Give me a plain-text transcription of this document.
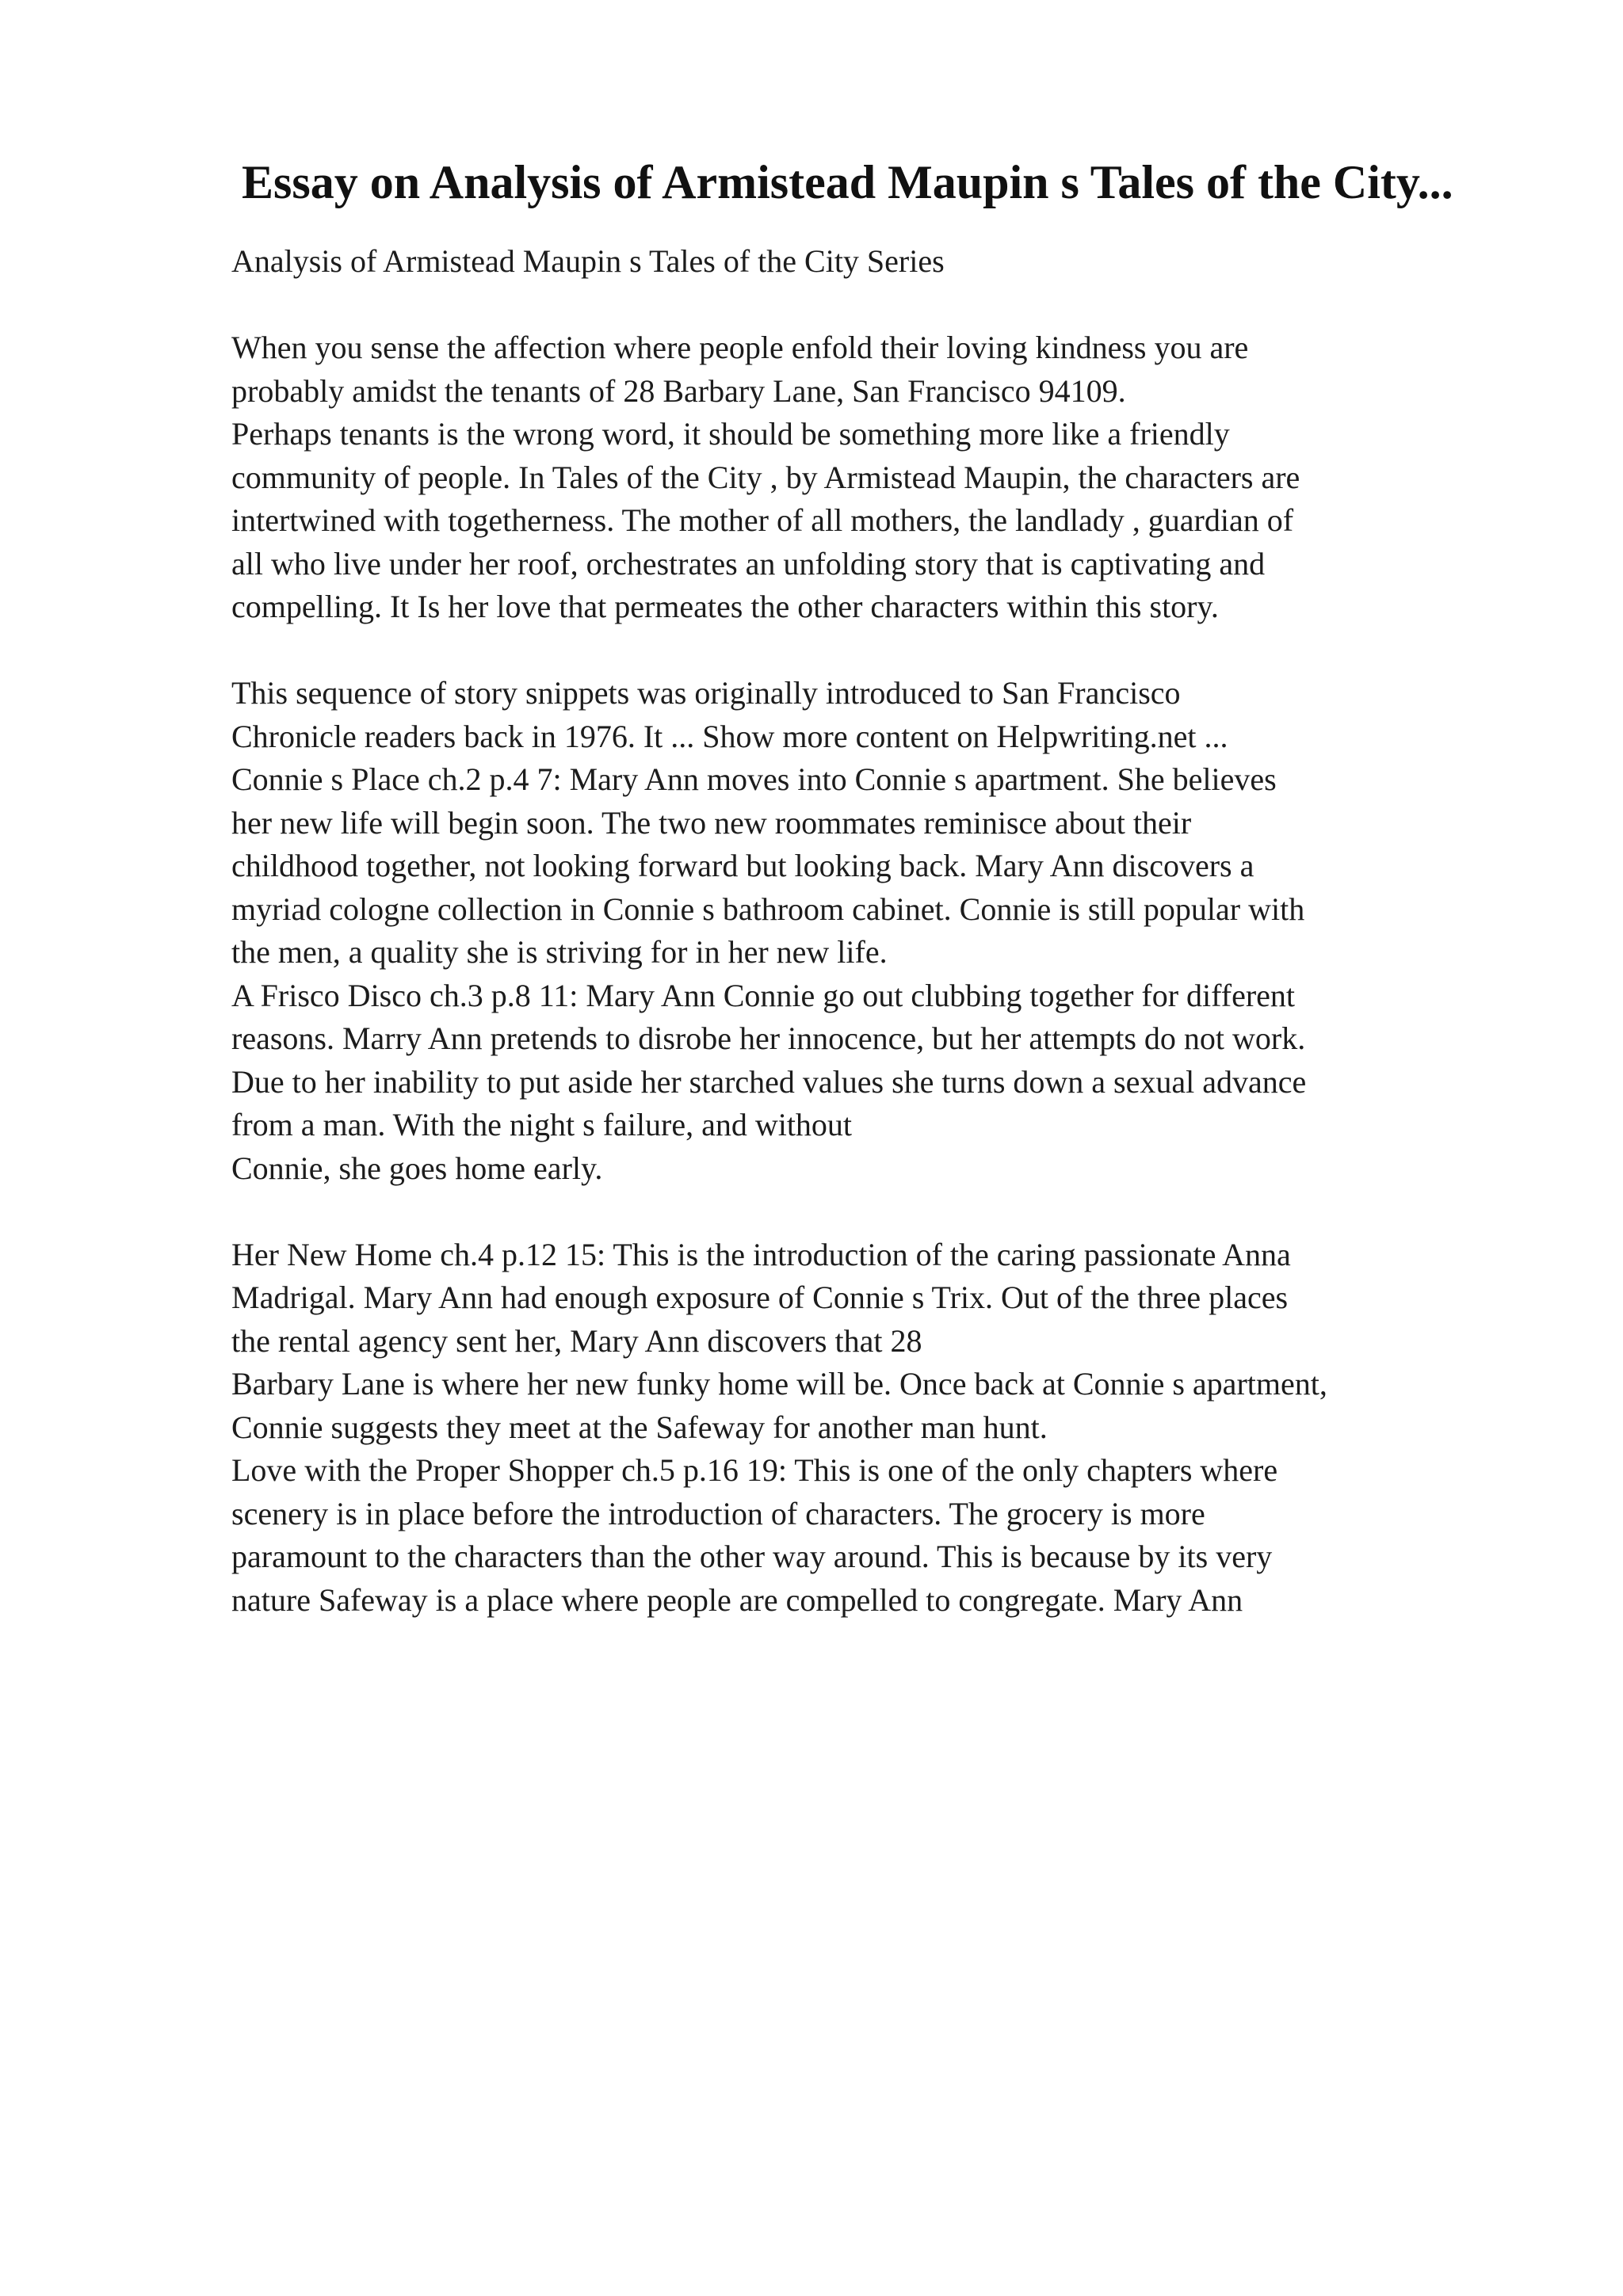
Essay on Analysis of Armistead Maupin s Tales of the City...
Analysis of Armistead Maupin s Tales of the City Series
When you sense the affection where people enfold their loving kindness you are
probably amidst the tenants of 28 Barbary Lane, San Francisco 94109.
Perhaps tenants is the wrong word, it should be something more like a friendly
community of people. In Tales of the City , by Armistead Maupin, the characters are
intertwined with togetherness. The mother of all mothers, the landlady , guardian of
all who live under her roof, orchestrates an unfolding story that is captivating and
compelling. It Is her love that permeates the other characters within this story.
This sequence of story snippets was originally introduced to San Francisco
Chronicle readers back in 1976. It ... Show more content on Helpwriting.net ...
Connie s Place ch.2 p.4 7: Mary Ann moves into Connie s apartment. She believes
her new life will begin soon. The two new roommates reminisce about their
childhood together, not looking forward but looking back. Mary Ann discovers a
myriad cologne collection in Connie s bathroom cabinet. Connie is still popular with
the men, a quality she is striving for in her new life.
A Frisco Disco ch.3 p.8 11: Mary Ann Connie go out clubbing together for different
reasons. Marry Ann pretends to disrobe her innocence, but her attempts do not work.
Due to her inability to put aside her starched values she turns down a sexual advance
from a man. With the night s failure, and without
Connie, she goes home early.
Her New Home ch.4 p.12 15: This is the introduction of the caring passionate Anna
Madrigal. Mary Ann had enough exposure of Connie s Trix. Out of the three places
the rental agency sent her, Mary Ann discovers that 28
Barbary Lane is where her new funky home will be. Once back at Connie s apartment,
Connie suggests they meet at the Safeway for another man hunt.
Love with the Proper Shopper ch.5 p.16 19: This is one of the only chapters where
scenery is in place before the introduction of characters. The grocery is more
paramount to the characters than the other way around. This is because by its very
nature Safeway is a place where people are compelled to congregate. Mary Ann
